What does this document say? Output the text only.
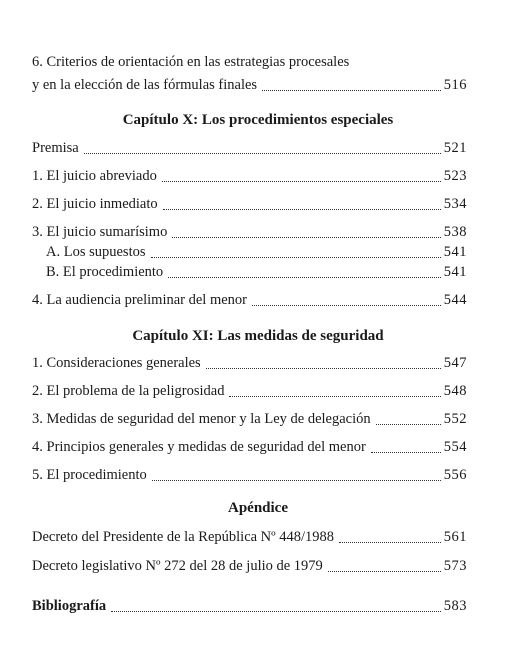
6. Criterios de orientación en las estrategias procesales
y en la elección de las fórmulas finales	516
Capítulo X: Los procedimientos especiales
Premisa	521
1. El juicio abreviado	523
2. El juicio inmediato	534
3. El juicio sumarísimo	538
A. Los supuestos	541
B. El procedimiento	541
4. La audiencia preliminar del menor	544
Capítulo XI: Las medidas de seguridad
1. Consideraciones generales	547
2. El problema de la peligrosidad	548
3. Medidas de seguridad del menor y la Ley de delegación	552
4. Principios generales y medidas de seguridad del menor	554
5. El procedimiento	556
Apéndice
Decreto del Presidente de la República Nº 448/1988	561
Decreto legislativo Nº 272 del 28 de julio de 1979	573
Bibliografía	583
